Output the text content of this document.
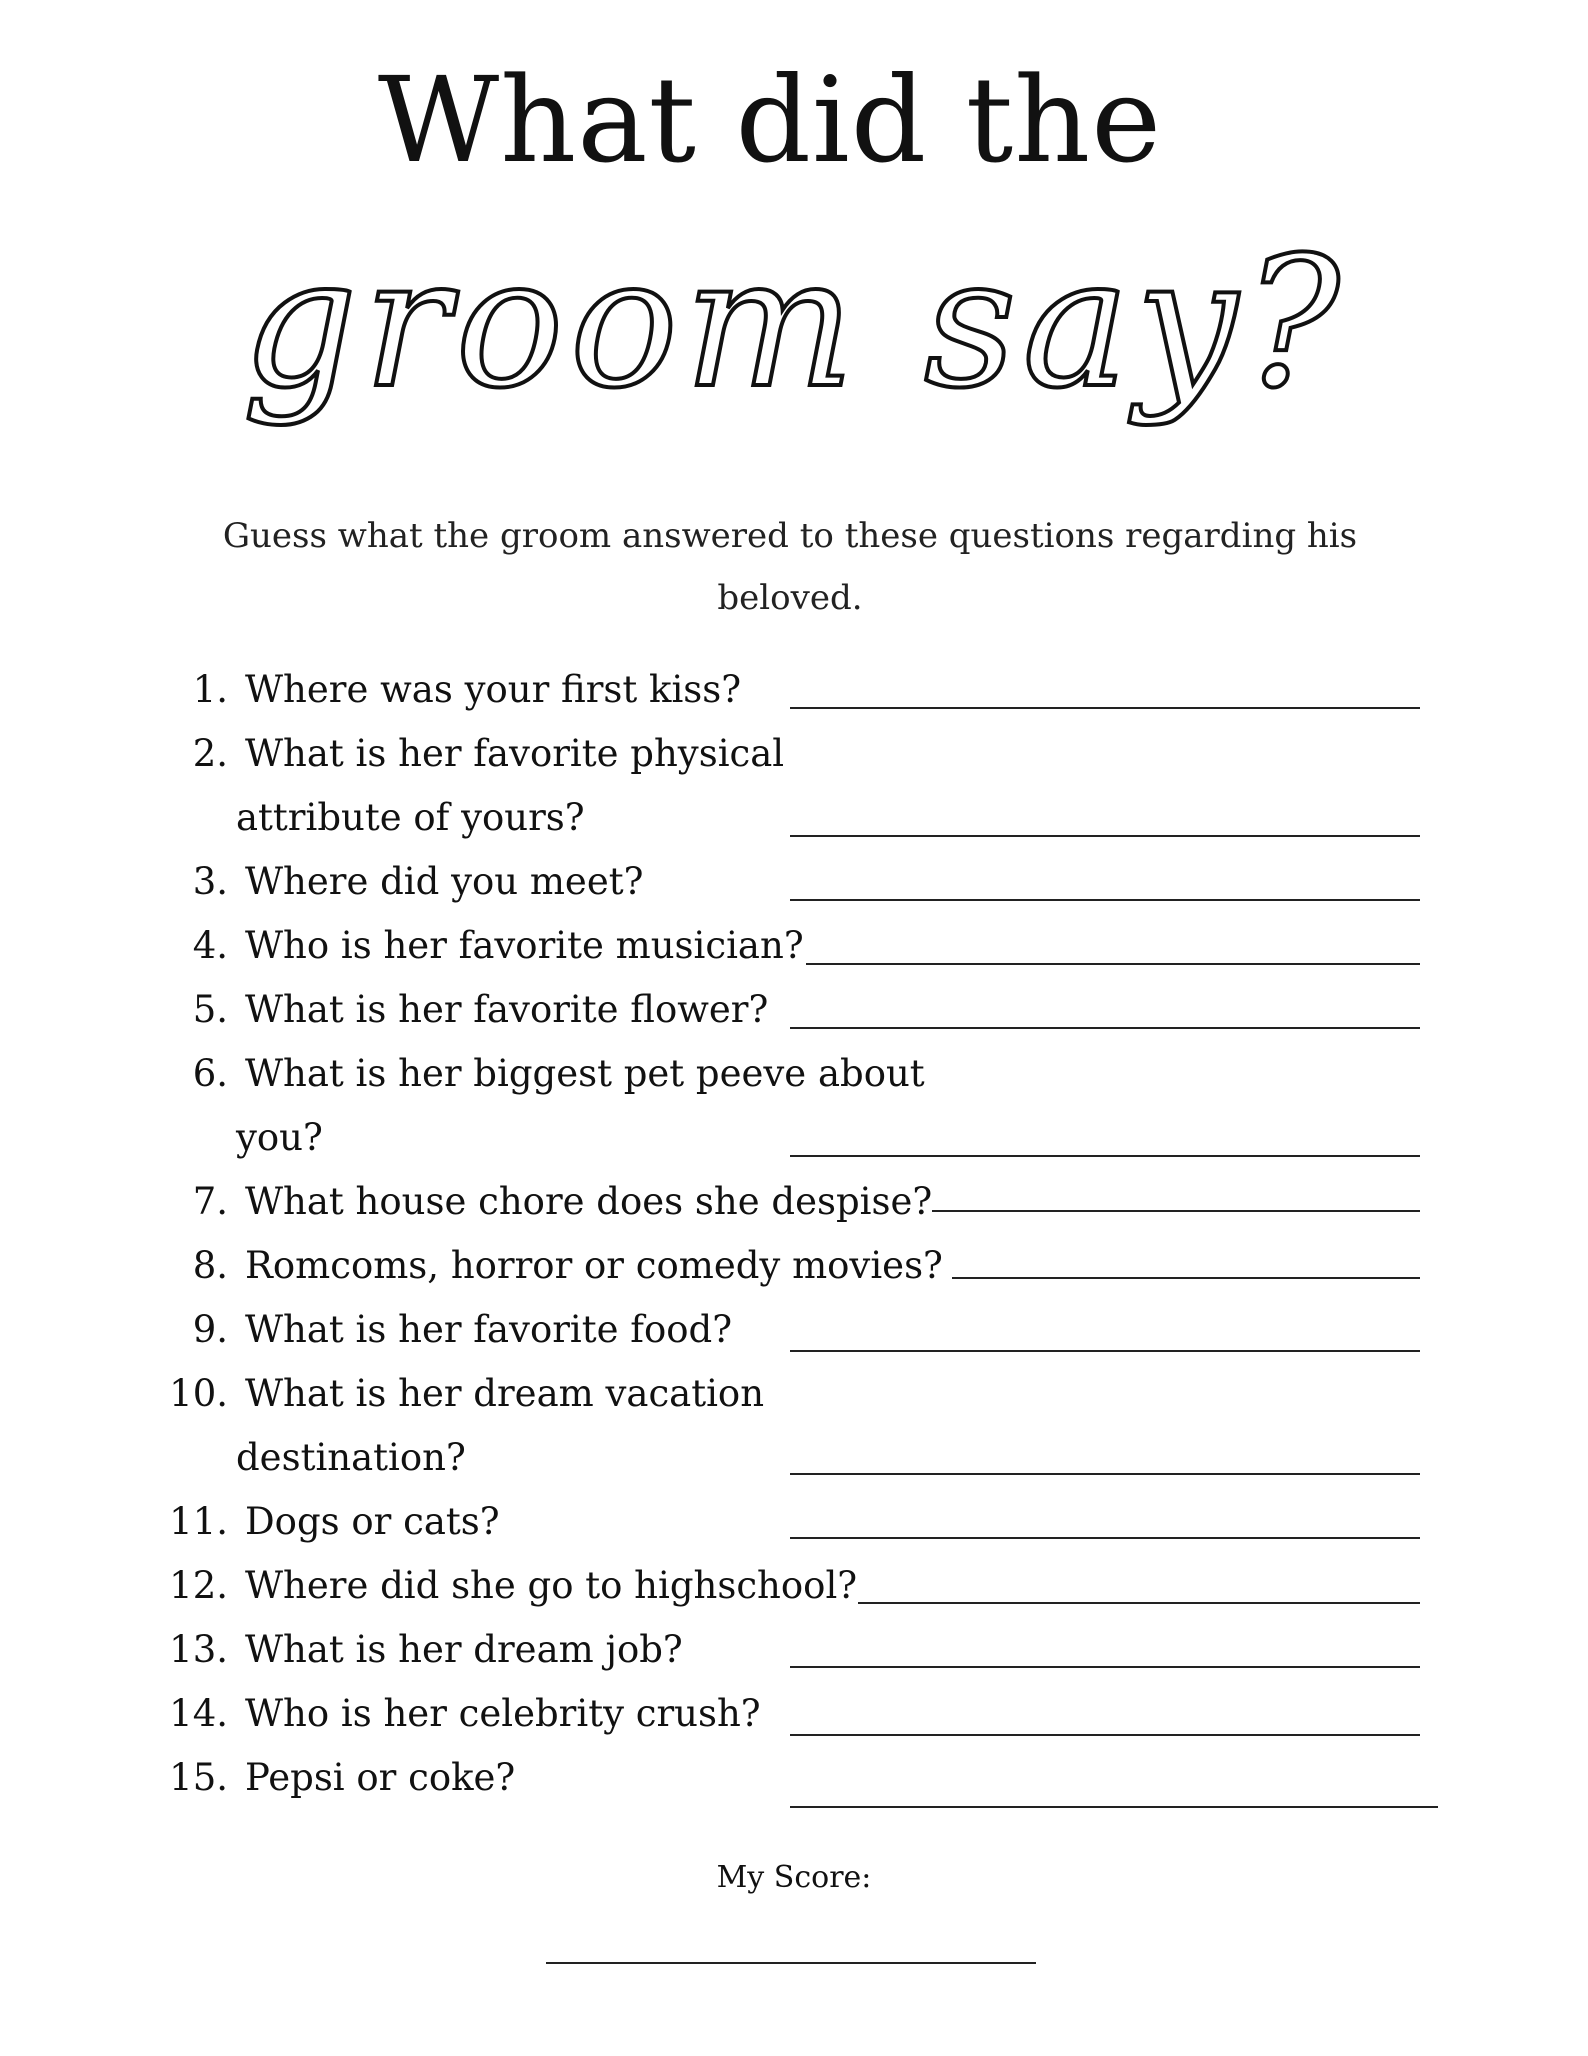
What did the
groom say?
Guess what the groom answered to these questions regarding his beloved.
1. Where was your first kiss?
2. What is her favorite physical
attribute of yours?
3. Where did you meet?
4. Who is her favorite musician?
5. What is her favorite flower?
6. What is her biggest pet peeve about
you?
7. What house chore does she despise?
8. Romcoms, horror or comedy movies?
9. What is her favorite food?
10. What is her dream vacation
destination?
11. Dogs or cats?
12. Where did she go to highschool?
13. What is her dream job?
14. Who is her celebrity crush?
15. Pepsi or coke?
My Score:
